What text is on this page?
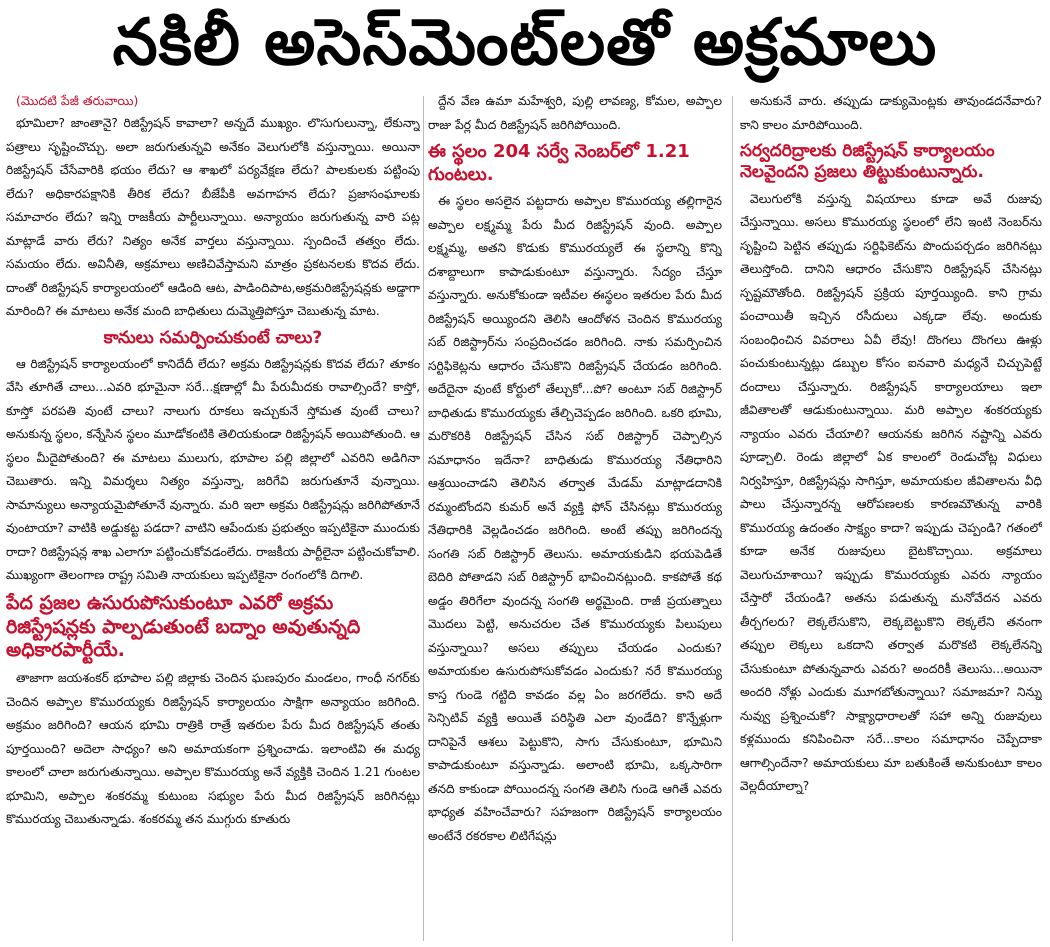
నకిలీ అసెస్‌మెంట్‌లతో అక్రమాలు

(మొదటి పేజీ తరువాయి)

భూమిలా? జాంతానై? రిజిస్ట్రేషన్ కావాలా? అన్నదే ముఖ్యం. లొసుగులున్నా, లేకున్నా పత్రాలు సృష్టించొచ్చు. అలా జరుగుతున్నవి అనేకం వెలుగులోకి వస్తున్నాయి. అయినా రిజిస్ట్రేషన్ చేసేవారికి భయం లేదు? ఆ శాఖలో పర్యవేక్షణ లేదు? పాలకులకు పట్టింపు లేదు? అధికారపక్షానికి తీరిక లేదు? బీజేపీకి అవగాహన లేదు? ప్రజాసంఘాలకు సమాచారం లేదు? ఇన్ని రాజకీయ పార్టీలున్నాయి. అన్యాయం జరుగుతున్న వారి పట్ల మాట్లాడే వారు లేరు? నిత్యం అనేక వార్తలు వస్తున్నాయి. స్పందించే తత్వం లేదు. సమయం లేదు. అవినీతి, అక్రమాలు అణిచివేస్తామని మాత్రం ప్రకటనలకు కొదవ లేదు. దాంతో రిజిస్ట్రేషన్ కార్యాలయంలో ఆడింది ఆట, పాడిందిపాట,అక్రమరిజిస్ట్రేషన్లకు అడ్డాగా మారింది? ఈ మాటలు అనేక మంది బాధితులు దుమ్మెత్తిపోస్తూ చెబుతున్న మాట.

కానులు సమర్పించుకుంటే చాలు?

ఆ రిజిస్ట్రేషన్ కార్యాలయంలో కానిదేదీ లేదు? అక్రమ రిజిస్ట్రేషన్లకు కొదవ లేదు? తూకం వేసి తూగితే చాలు...ఎవరి భూమైనా సరే...క్షణాల్లో మీ పేరుమీదకు రావాల్సిందే? కాస్తో, కూస్తో పరపతి వుంటే చాలు? నాలుగు రూకలు ఇచ్చుకునే స్తోమత వుంటే చాలు? అనుకున్న స్థలం, కన్నేసిన స్థలం మూడోకంటికి తెలియకుండా రిజిస్ట్రేషన్ అయిపోతుంది. ఆ స్థలం మీదైపోతుంది? ఈ మాటలు ములుగు, భూపాల పల్లి జిల్లాలో ఎవరిని అడిగినా చెబుతారు. ఇన్ని విమర్శలు నిత్యం వస్తున్నా, జరిగేవి జరుగుతూనే వున్నాయి. సామాన్యులు అన్యాయమైపోతూనే వున్నారు. మరి ఇలా అక్రమ రిజిస్ట్రేషన్లు జరిగిపోతూనే వుంటాయా? వాటికి అడ్డుకట్ట పడదా? వాటిని ఆపేందుకు ప్రభుత్వం ఇప్పటికైనా ముందుకు రాదా? రిజిస్ట్రేషన్ల శాఖ ఎలాగూ పట్టించుకోవడంలేదు. రాజకీయ పార్టీలైనా పట్టించుకోవాలి. ముఖ్యంగా తెలంగాణ రాష్ట్ర సమితి నాయకులు ఇప్పటికైనా రంగంలోకి దిగాలి.

పేద ప్రజల ఉసురుపోసుకుంటూ ఎవరో అక్రమ రిజిస్ట్రేషన్లకు పాల్పడుతుంటే బద్నాం అవుతున్నది అధికారపార్టీయే.

తాజాగా జయశంకర్ భూపాల పల్లి జిల్లాకు చెందిన ఘణపురం మండలం, గాంధీ నగర్‌కు చెందిన అప్పాల కొమురయ్యకు రిజిస్ట్రేషన్ కార్యాలయం సాక్షిగా అన్యాయం జరిగింది. అక్రమం జరిగింది? ఆయన భూమి రాత్రికి రాత్రే ఇతరుల పేరు మీద రిజిస్ట్రేషన్ తంతు పూర్తయింది? అదెలా సాధ్యం? అని అమాయకంగా ప్రశ్నించాడు. ఇలాంటివి ఈ మధ్య కాలంలో చాలా జరుగుతున్నాయి. అప్పాల కొమురయ్య అనే వ్యక్తికి చెందిన 1.21 గుంటల భూమిని, అప్పాల శంకరమ్మ కుటుంబ సభ్యుల పేరు మీద రిజిస్ట్రేషన్ జరిగినట్లు కొమురయ్య చెబుతున్నాడు. శంకరమ్మ తన ముగ్గురు కూతురు

ద్దేన వేణ ఉమా మహేశ్వరి, పుల్లి లావణ్య, కోమల, అప్పాల రాజు పేర్ల మీద రిజిస్ట్రేషన్ జరిగిపోయింది.

ఈ స్థలం 204 సర్వే నెంబర్‌లో 1.21 గుంటలు.

ఈ స్థలం అసలైన పట్టదారు అప్పాల కొమురయ్య తల్లిగారైన అప్పాల లక్ష్మమ్మ పేరు మీద రిజిస్ట్రేషన్ వుంది. అప్పాల లక్ష్మమ్మ, అతని కొడుకు కొమురయ్యలే ఈ స్థలాన్ని కొన్ని దశాబ్దాలుగా కాపాడుకుంటూ వస్తున్నారు. సేద్యం చేస్తూ వస్తున్నారు. అనుకోకుండా ఇటీవల ఈస్థలం ఇతరుల పేరు మీద రిజిస్ట్రేషన్ అయ్యిందని తెలిసి ఆందోళన చెందిన కొమురయ్య సబ్ రిజిస్ట్రార్‌ను సంప్రదించడం జరిగింది. నాకు సమర్పించిన సర్టిఫికెట్లను ఆధారం చేసుకొని రిజిస్ట్రేషన్ చేయడం జరిగింది. అదేదైనా వుంటే కోర్టులో తేల్చుకో...పో? అంటూ సబ్ రిజిస్ట్రార్ బాధితుడు కొమురయ్యకు తేల్చిచెప్పడం జరిగింది. ఒకరి భూమి, మరొకరికి రిజిస్ట్రేషన్ చేసిన సబ్ రిజిస్ట్రార్ చెప్పాల్సిన సమాధానం ఇదేనా? బాధితుడు కొమురయ్య నేతిధారిని ఆశ్రయించాడని తెలిసిన తర్వాత మేడమ్ మాట్లాడదానికి రమ్మంటోందని కుమర్ అనే వ్యక్తి ఫోన్ చేసినట్లు కొమురయ్య నేతిధారికి వెల్లడించడం జరిగింది. అంటే తప్పు జరిగిందన్న సంగతి సబ్ రిజిస్ట్రార్ తెలుసు. అమాయకుడిని భయపెడితే బెదిరి పోతాడని సబ్ రిజిస్ట్రార్ భావించినట్లుంది. కాకపోతే కథ అడ్డం తిరిగేలా వుందన్న సంగతి అర్థమైంది. రాజీ ప్రయత్నాలు మొదలు పెట్టి, అనుచరుల చేత కొమురయ్యకు పిలుపులు వస్తున్నాయి? అసలు తప్పులు చేయడం ఎందుకు? అమాయకుల ఉసురుపోసుకోవడం ఎందుకు? నరే కొమురయ్య కాస్త గుండె గట్టిది కావడం వల్ల ఏం జరగలేదు. కాని అదే సెన్సిటివ్ వ్యక్తి అయితే పరిస్థితి ఎలా వుండేది? కొన్నేళ్లుగా దానిపైనే ఆశలు పెట్టుకొని, సాగు చేసుకుంటూ, భూమిని కాపాడుకుంటూ వస్తున్నాడు. అలాంటి భూమి, ఒక్కసారిగా తనది కాకుండా పోయిందన్న సంగతి తెలిసి గుండె ఆగితే ఎవరు భాధ్యత వహించేవారు? సహజంగా రిజిస్ట్రేషన్ కార్యాలయం అంటేనే రకరకాల లిటిగేషన్లు

అనుకునే వారు. తప్పుడు డాక్యుమెంట్లకు తావుండదనేవారు? కాని కాలం మారిపోయింది.

సర్వదరిద్రాలకు రిజిస్ట్రేషన్ కార్యాలయం నెలవైందని ప్రజలు తిట్టుకుంటున్నారు.

వెలుగులోకి వస్తున్న విషయాలు కూడా అవే రుజువు చేస్తున్నాయి. అసలు కొమురయ్య స్థలంలో లేని ఇంటి నెంబర్‌ను సృష్టించి పెట్టిన తప్పుడు సర్టిఫికెట్‌ను పొందుపర్చడం జరిగినట్లు తెలుస్తోంది. దానిని ఆధారం చేసుకొని రిజిస్ట్రేషన్ చేసినట్లు స్పష్టమౌతోంది. రిజిస్ట్రేషన్ ప్రక్రియ పూర్తయ్యింది. కాని గ్రామ పంచాయితీ ఇచ్చిన రసీదులు ఎక్కడా లేవు. అందుకు సంబంధించిన వివరాలు ఏవీ లేవు! దొంగలు దొంగలు ఊళ్లు పంచుకుంటున్నట్లు డబ్బుల కోసం ఐనవారి మధ్యనే చిచ్చుపెట్టే దందాలు చేస్తున్నారు. రిజిస్ట్రేషన్ కార్యాలయాలు ఇలా జీవితాలతో ఆడుకుంటున్నాయి. మరి అప్పాల శంకరయ్యకు న్యాయం ఎవరు చేయాలి? ఆయనకు జరిగిన నష్టాన్ని ఎవరు పూడ్చాలి. రెండు జిల్లాలో ఏక కాలంలో రెండుచోట్ల విధులు నిర్వహిస్తూ, రిజిస్ట్రేషన్లు సాగిస్తూ, అమాయకుల జీవితాలను వీధి పాలు చేస్తున్నారన్న ఆరోపణలకు కారణమౌతున్న వారికి కొమురయ్య ఉదంతం సాక్ష్యం కాదా? ఇప్పుడు చెప్పండి? గతంలో కూడా అనేక రుజువులు బైటకొచ్చాయి. అక్రమాలు వెలుగుచూశాయి? ఇప్పుడు కొమురయ్యకు ఎవరు న్యాయం చేస్తారో చేయండి? అతను పడుతున్న మనోవేదన ఎవరు తీర్చగలరు? లెక్కలేసుకొని, లెక్కబెట్టుకొని లెక్కలేని తనంగా తప్పుల లెక్కలు ఒకదాని తర్వాత మరొకటి లెక్కలేనన్ని చేసుకుంటూ పోతున్నవారు ఎవరు? అందరికీ తెలుసు...అయినా అందరి నోళ్లు ఎందుకు మూగబోతున్నాయి? సమాజమా? నిన్ను నువ్వు ప్రశ్నించుకో? సాక్ష్యాధారాలతో సహా అన్ని రుజువులు కళ్లముందు కనిపించినా సరే...కాలం సమాధానం చెప్పేదాకా ఆగాల్సిందేనా? అమాయకులు మా బతుకింతే అనుకుంటూ కాలం వెల్లదీయాల్నా?
